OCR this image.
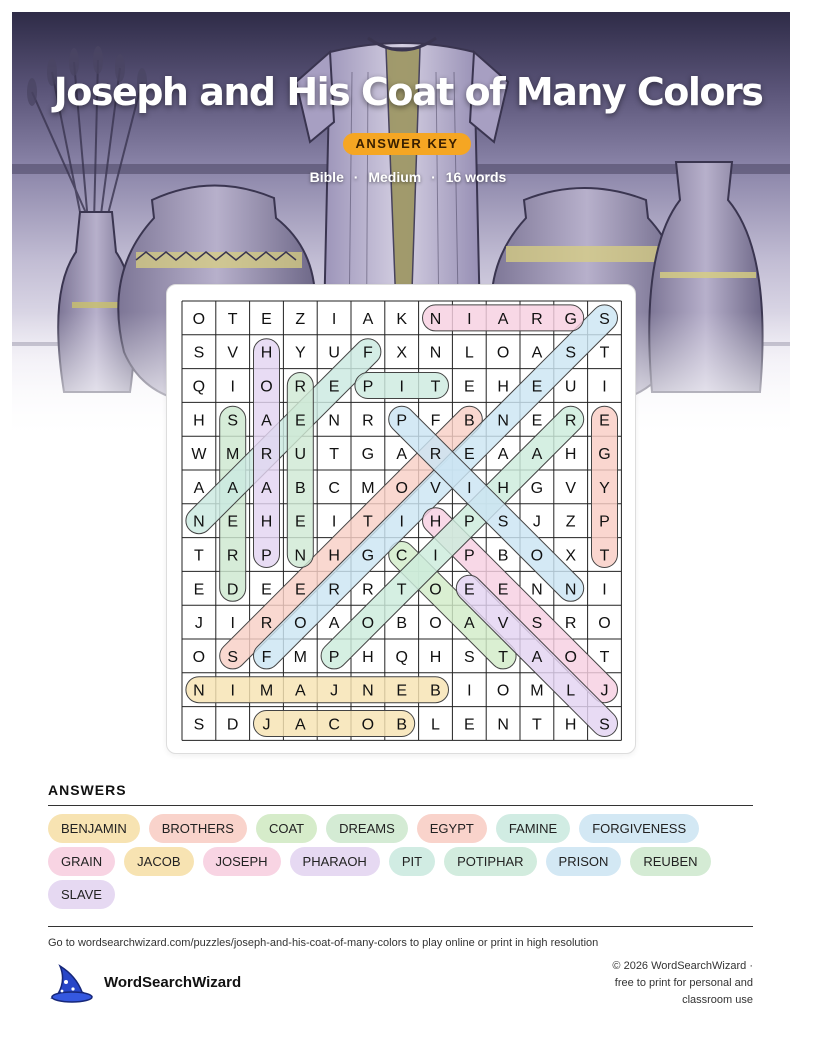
Joseph and His Coat of Many Colors
ANSWER KEY
Bible · Medium · 16 words
O T E Z I A K N I A R G S
S V H Y U F X N L O A S T
Q I O R E P I T E H E U I
H S A E N R P F B N E R E
W M R U T G A R E A A H G
A A A B C M O V I H G V Y
N E H E I T I H P S J Z P
T R P N H G C I P B O X T
E D E E R R T O E E N N I
J I R O A O B O A V S R O
O S F M P H Q H S T A O T
N I M A J N E B I O M L J
S D J A C O B L E N T H S
ANSWERS
BENJAMIN	BROTHERS	COAT	DREAMS	EGYPT	FAMINE	FORGIVENESSGRAIN	JACOB	JOSEPH	PHARAOH	PIT	POTIPHAR	PRISON	REUBENSLAVE
Go to wordsearchwizard.com/puzzles/joseph-and-his-coat-of-many-colors to play online or print in high resolution
WordSearchWizard
© 2026 WordSearchWizard ·
free to print for personal and
classroom use
